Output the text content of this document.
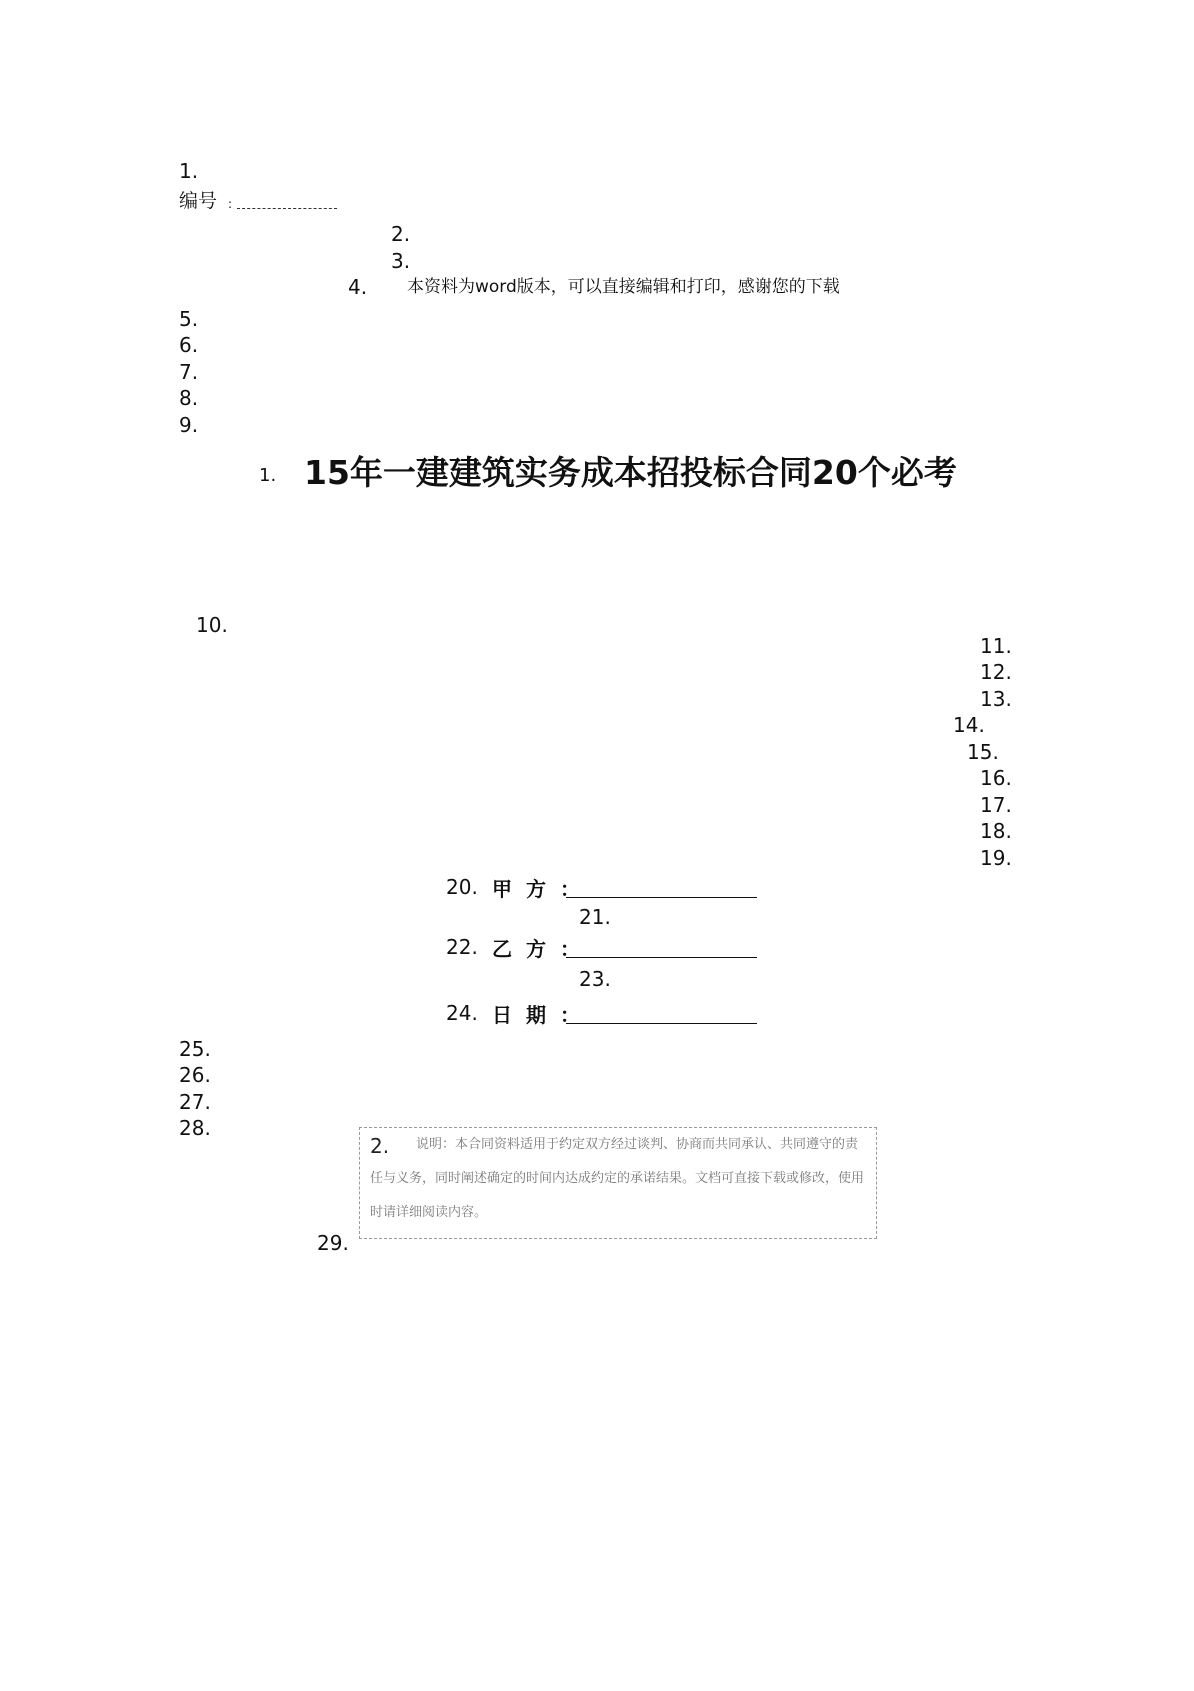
1.
编号 :
2.
3.
4. 本资料为word版本，可以直接编辑和打印，感谢您的下载
5.
6.
7.
8.
9.
1. 15年一建建筑实务成本招投标合同20个必考
10.
11.
12.
13.
14.
15.
16.
17.
18.
19.
20. 甲方：
21.
22. 乙方：
23.
24. 日期：
25.
26.
27.
28.
29.
2.	说明：本合同资料适用于约定双方经过谈判、协商而共同承认、共同遵守的责任与义务，同时阐述确定的时间内达成约定的承诺结果。文档可直接下载或修改，使用时请详细阅读内容。
